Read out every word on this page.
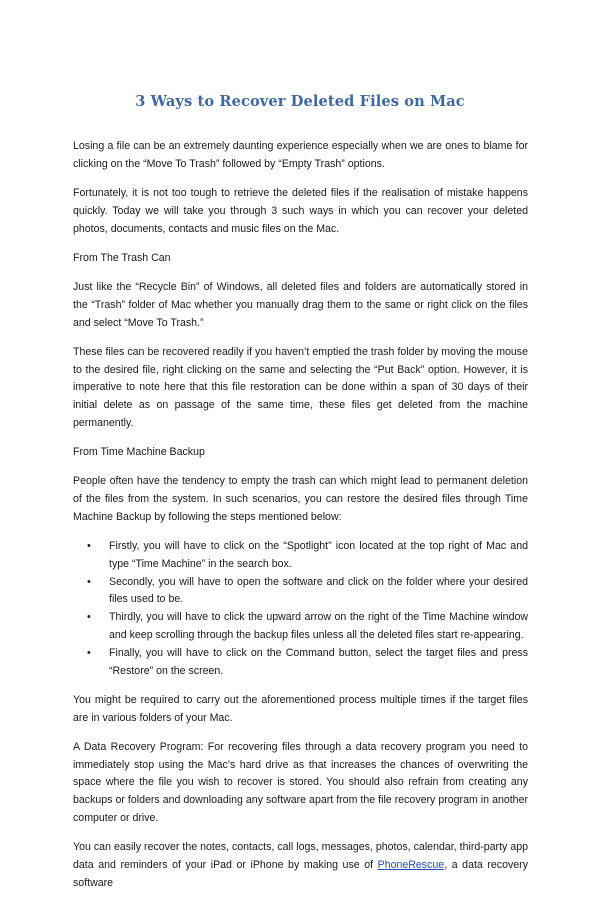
3 Ways to Recover Deleted Files on Mac

Losing a file can be an extremely daunting experience especially when we are ones to blame for clicking on the “Move To Trash” followed by “Empty Trash” options.

Fortunately, it is not too tough to retrieve the deleted files if the realisation of mistake happens quickly. Today we will take you through 3 such ways in which you can recover your deleted photos, documents, contacts and music files on the Mac.

From The Trash Can

Just like the “Recycle Bin” of Windows, all deleted files and folders are automatically stored in the “Trash” folder of Mac whether you manually drag them to the same or right click on the files and select “Move To Trash.”

These files can be recovered readily if you haven’t emptied the trash folder by moving the mouse to the desired file, right clicking on the same and selecting the “Put Back” option. However, it is imperative to note here that this file restoration can be done within a span of 30 days of their initial delete as on passage of the same time, these files get deleted from the machine permanently.

From Time Machine Backup

People often have the tendency to empty the trash can which might lead to permanent deletion of the files from the system. In such scenarios, you can restore the desired files through Time Machine Backup by following the steps mentioned below:

• Firstly, you will have to click on the “Spotlight” icon located at the top right of Mac and type “Time Machine” in the search box.
• Secondly, you will have to open the software and click on the folder where your desired files used to be.
• Thirdly, you will have to click the upward arrow on the right of the Time Machine window and keep scrolling through the backup files unless all the deleted files start re-appearing.
• Finally, you will have to click on the Command button, select the target files and press “Restore” on the screen.

You might be required to carry out the aforementioned process multiple times if the target files are in various folders of your Mac.

A Data Recovery Program: For recovering files through a data recovery program you need to immediately stop using the Mac’s hard drive as that increases the chances of overwriting the space where the file you wish to recover is stored. You should also refrain from creating any backups or folders and downloading any software apart from the file recovery program in another computer or drive.

You can easily recover the notes, contacts, call logs, messages, photos, calendar, third-party app data and reminders of your iPad or iPhone by making use of PhoneRescue, a data recovery software
